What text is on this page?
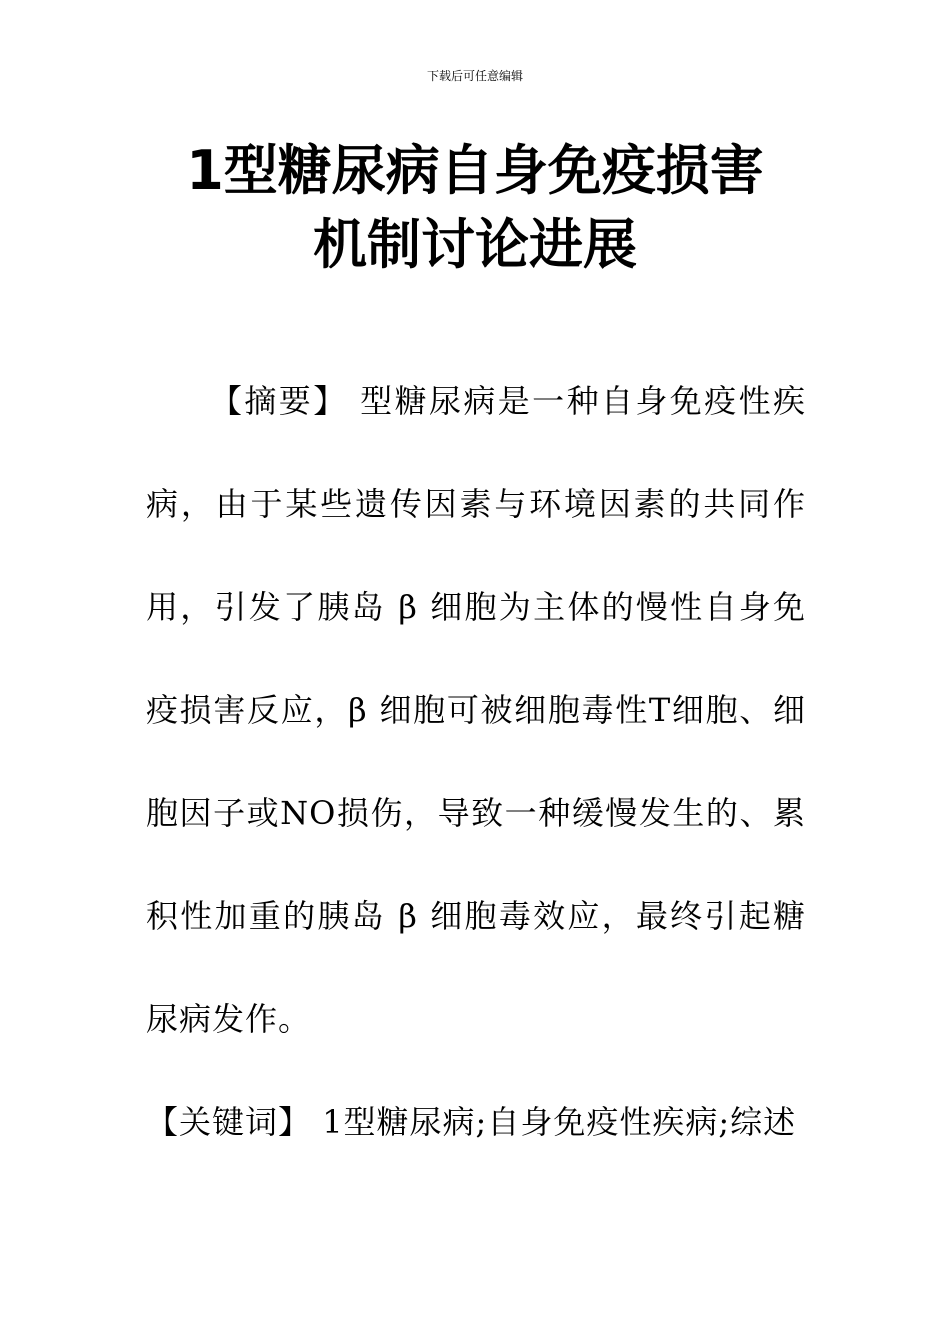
下载后可任意编辑
1型糖尿病自身免疫损害
机制讨论进展

【摘要】 型糖尿病是一种自身免疫性疾病，由于某些遗传因素与环境因素的共同作用，引发了胰岛 β 细胞为主体的慢性自身免疫损害反应，β 细胞可被细胞毒性T细胞、细胞因子或NO损伤，导致一种缓慢发生的、累积性加重的胰岛 β 细胞毒效应，最终引起糖尿病发作。

【关键词】 1型糖尿病;自身免疫性疾病;综述
